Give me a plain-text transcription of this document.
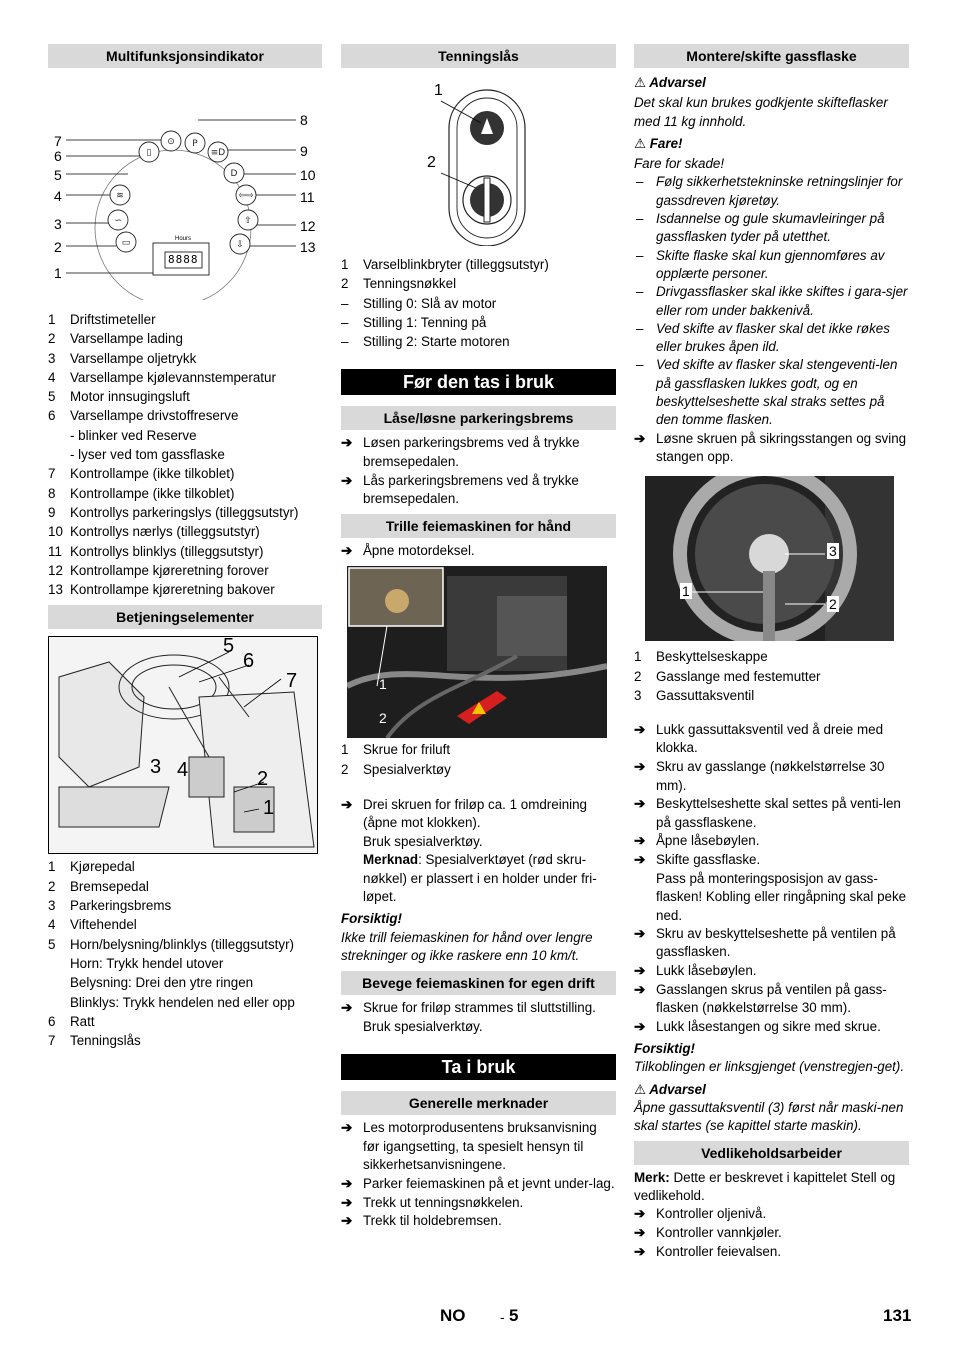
Multifunksjonsindikator
⊙ P
▯	≡D
D
≋	⇦⇨
∽	⇧
▭	⇩
Hours
8888
1
2
3
4
5
6
7
8
9
10
11
12
13
1 Driftstimeteller
2 Varsellampe lading
3 Varsellampe oljetrykk
4 Varsellampe kjølevannstemperatur
5 Motor innsugingsluft
6 Varsellampe drivstoffreserve
- blinker ved Reserve
- lyser ved tom gassflaske
7 Kontrollampe (ikke tilkoblet)
8 Kontrollampe (ikke tilkoblet)
9 Kontrollys parkeringslys (tilleggsutstyr)
10 Kontrollys nærlys (tilleggsutstyr)
11 Kontrollys blinklys (tilleggsutstyr)
12 Kontrollampe kjøreretning forover
13 Kontrollampe kjøreretning bakover
Betjeningselementer
5
6
7
3 4	2
1
1 Kjørepedal
2 Bremsepedal
3 Parkeringsbrems
4 Viftehendel
5 Horn/belysning/blinklys (tilleggsutstyr)
Horn: Trykk hendel utover
Belysning: Drei den ytre ringen
Blinklys: Trykk hendelen ned eller opp
6 Ratt
7 Tenningslås
Tenningslås
1
2
1 Varselblinkbryter (tilleggsutstyr)
2 Tenningsnøkkel
– Stilling 0: Slå av motor
– Stilling 1: Tenning på
– Stilling 2: Starte motoren
Før den tas i bruk
Låse/løsne parkeringsbrems
➔ Løsen parkeringsbrems ved å trykke bremsepedalen.
➔ Lås parkeringsbremens ved å trykke bremsepedalen.
Trille feiemaskinen for hånd
➔ Åpne motordeksel.
1
2
1 Skrue for friluft
2 Spesialverktøy
➔ Drei skruen for friløp ca. 1 omdreining (åpne mot klokken).
Bruk spesialverktøy.
Merknad: Spesialverktøyet (rød skru-nøkkel) er plassert i en holder under fri-løpet.

Forsiktig!

Ikke trill feiemaskinen for hånd over lengre strekninger og ikke raskere enn 10 km/t.

Bevege feiemaskinen for egen drift
➔ Skrue for friløp strammes til sluttstilling.
Bruk spesialverktøy.
Ta i bruk
Generelle merknader
➔ Les motorprodusentens bruksanvisning før igangsetting, ta spesielt hensyn til sikkerhetsanvisningene.
➔ Parker feiemaskinen på et jevnt under-lag.
➔ Trekk ut tenningsnøkkelen.
➔ Trekk til holdebremsen.
Montere/skifte gassflaske

⚠ Advarsel

Det skal kun brukes godkjente skifteflasker med 11 kg innhold.

⚠ Fare!

Fare for skade!

– Følg sikkerhetstekninske retningslinjer for gassdreven kjøretøy.
– Isdannelse og gule skumavleiringer på gassflasken tyder på utetthet.
– Skifte flaske skal kun gjennomføres av opplærte personer.
– Drivgassflasker skal ikke skiftes i gara-sjer eller rom under bakkenivå.
– Ved skifte av flasker skal det ikke røkes eller brukes åpen ild.
– Ved skifte av flasker skal stengeventi-len på gassflasken lukkes godt, og en beskyttelseshette skal straks settes på den tomme flasken.
➔ Løsne skruen på sikringsstangen og sving stangen opp.
3
1
2
1 Beskyttelseskappe
2 Gasslange med festemutter
3 Gassuttaksventil
➔ Lukk gassuttaksventil ved å dreie med klokka.
➔ Skru av gasslange (nøkkelstørrelse 30 mm).
➔ Beskyttelseshette skal settes på venti-len på gassflaskene.
➔ Åpne låsebøylen.
➔ Skifte gassflaske.
Pass på monteringsposisjon av gass-flasken! Kobling eller ringåpning skal peke ned.
➔ Skru av beskyttelseshette på ventilen på gassflasken.
➔ Lukk låsebøylen.
➔ Gasslangen skrus på ventilen på gass-flasken (nøkkelstørrelse 30 mm).
➔ Lukk låsestangen og sikre med skrue.

Forsiktig!

Tilkoblingen er linksgjenget (venstregjen-get).

⚠ Advarsel

Åpne gassuttaksventil (3) først når maski-nen skal startes (se kapittel starte maskin).

Vedlikeholdsarbeider

Merk: Dette er beskrevet i kapittelet Stell og vedlikehold.

➔ Kontroller oljenivå.
➔ Kontroller vannkjøler.
➔ Kontroller feievalsen.
NO - 5	131
